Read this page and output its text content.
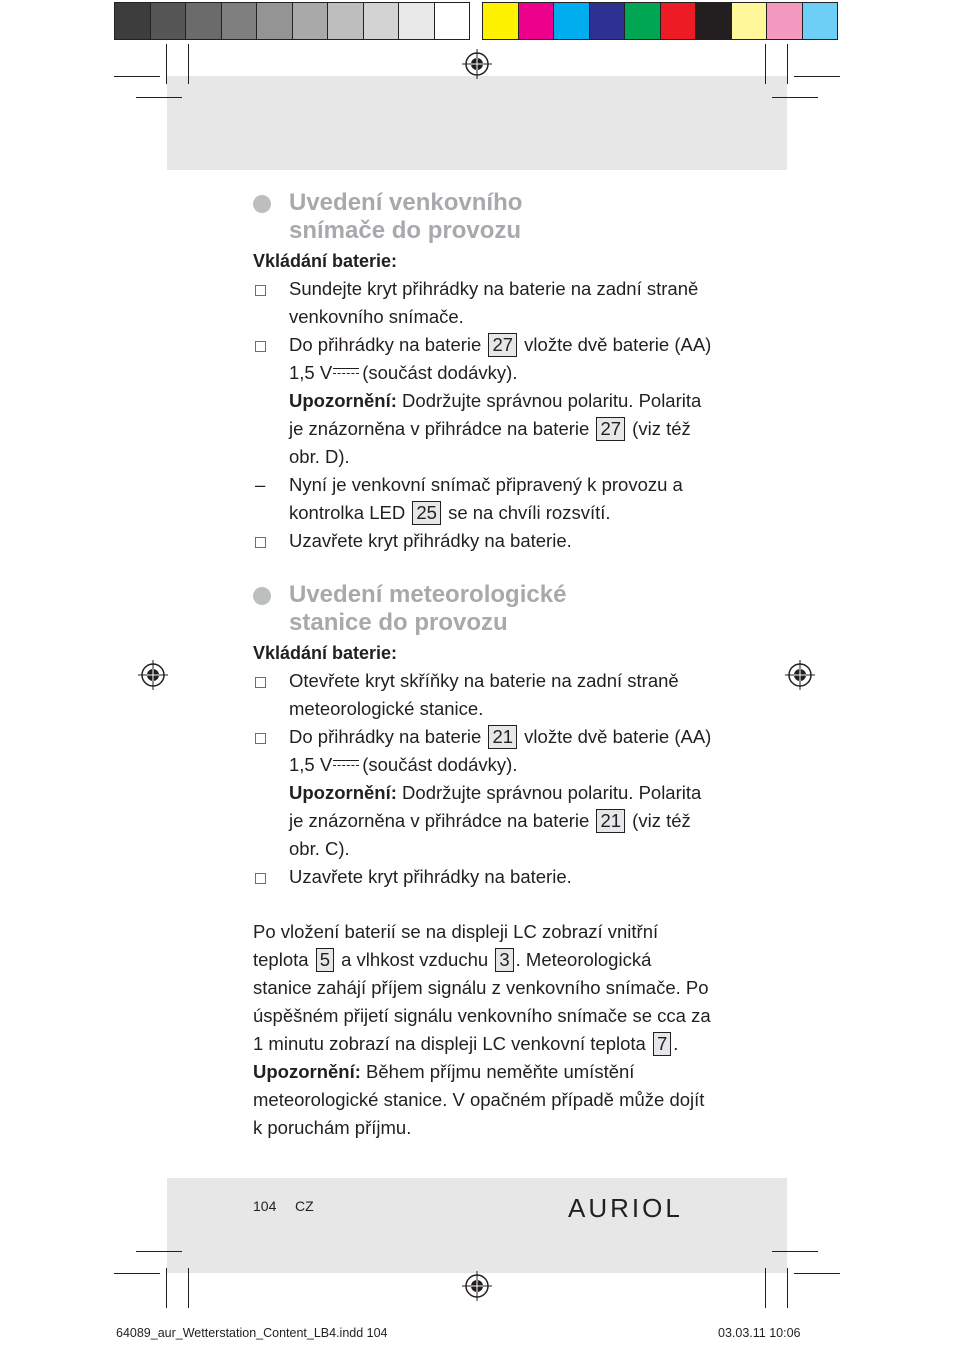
Uvedení venkovního
snímače do provozu
Vkládání baterie:
Sundejte kryt přihrádky na baterie na zadní straně venkovního snímače.
Do přihrádky na baterie 27 vložte dvě baterie (AA) 1,5 V (součást dodávky).
Upozornění: Dodržujte správnou polaritu. Polarita je znázorněna v přihrádce na baterie 27 (viz též obr. D).
Nyní je venkovní snímač připravený k provozu a kontrolka LED 25 se na chvíli rozsvítí.
Uzavřete kryt přihrádky na baterie.
Uvedení meteorologické
stanice do provozu
Vkládání baterie:
Otevřete kryt skříňky na baterie na zadní straně meteorologické stanice.
Do přihrádky na baterie 21 vložte dvě baterie (AA) 1,5 V (součást dodávky).
Upozornění: Dodržujte správnou polaritu. Polarita je znázorněna v přihrádce na baterie 21 (viz též obr. C).
Uzavřete kryt přihrádky na baterie.
Po vložení baterií se na displeji LC zobrazí vnitřní teplota 5 a vlhkost vzduchu 3 . Meteorologická stanice zahájí příjem signálu z venkovního snímače. Po úspěšném přijetí signálu venkovního snímače se cca za 1 minutu zobrazí na displeji LC venkovní teplota 7 .
Upozornění: Během příjmu neměňte umístění meteorologické stanice. V opačném případě může dojít k poruchám příjmu.
104 CZ	AURIOL
64089_aur_Wetterstation_Content_LB4.indd 104	03.03.11 10:06
